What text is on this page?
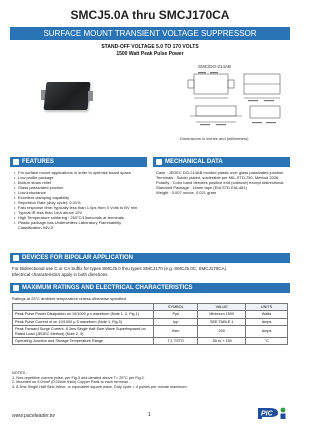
SMCJ5.0A thru SMCJ170CA
SURFACE MOUNT TRANSIENT VOLTAGE SUPPRESSOR
STAND-OFF VOLTAGE 5.0 TO 170 VOLTS
1500 Watt Peak Pulse Power
SMC/DO-214AB
Dimensions in inches and (millimeters)
FEATURES
• For surface mount applications in order to optimize board space
• Low profile package
• Built-in strain relief
• Glass passivated junction
• Low inductance
• Excellent clamping capability
• Repetition Rate (duty cycle): 0.01%
• Fast response time: typically less than 1.0ps from 0 Volts to BV min
• Typical IR less than 1mA above 10V
• High Temperature soldering : 250°C/10seconds at terminals
• Plastic package has Underwriters Laboratory Flammability Classification 94V-0
MECHANICAL DATA
Case : JEDEC DO-214AB molded plastic over glass passivated junction
Terminals : Solder plated, solderable per MIL-STD-750, Method 2026
Polarity : Color band denotes positive end (cathode) except bidirectional
Standard Package : 16mm tape (EIA STD EIA-481)
Weight : 0.007 ounce, 0.021 gram
DEVICES FOR BIPOLAR APPLICATION
For Bidirectional use C or CA Suffix for types SMCJ5.0 thru types SMCJ170 (e.g. SMCJ5.0C, SMCJ170CA).
Electrical characteristics apply in both directions
MAXIMUM RATINGS AND ELECTRICAL CHARACTERISTICS
Ratings at 25°C ambient temperature unless otherwise specified
	SYMBOL	VALUE	UNITS
Peak Pulse Power Dissipation on 10/1000 μ s waveform (Note 1, 2, Fig.1)	Ppk	Minimum 1500	Watts
Peak Pulse Current of on 10/1000 μ S waveform (Note 1, Fig.3)	Ipp	SEE TABLE 1	Amps
Peak Forward Surge Current, 8.3ms Single Half Sine-Wave Superimposed on Rated Load (JEDEC Method) (Note 2, 3)	Ifsm	200	Amps
Operating Junction and Storage Temperature Range	TJ, TSTG	-55 to + 150	°C
NOTES :
1. Non-repetitive current pulse, per Fig.3 and derated above T= 25°C per Fig.2.
2. Mounted on 5.0mm² (0.03mm thick) Copper Pads to each terminal.
3. 8.3ms Single Half Sine-Wave, or equivalent square wave, Duty cycle = 4 pulses per minute maximum.
www.paceleader.tw	1	PIC
